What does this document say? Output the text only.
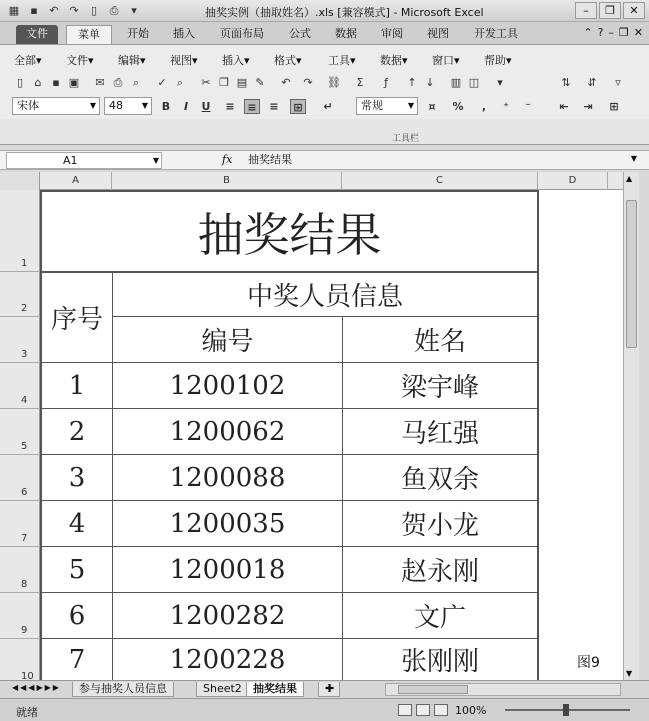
▦	▪	↶ ↷	▯	⎙	▾	抽奖实例（抽取姓名）.xls [兼容模式] - Microsoft Excel	–	❐	✕
文件	菜单	开始	插入	页面布局	公式	数据	审阅	视图	开发工具	⌃ ? – ❐ ✕
全部▾ 文件▾ 编辑▾ 视图▾ 插入▾ 格式▾ 工具▾ 数据▾ 窗口▾ 帮助▾
▯	⌂ ▪ ▣	✉ ⎙ ⌕	✓ ⌕	✂ ❐ ▤ ✎	↶	↷	⛓	Σ	ƒ	↑ ↓	▥ ◫	▾	⇅	⇵	▿
宋体	▼	48 ▼	B	I	U	≡	≡	≡	⊞	↵	常规	▼	¤	%	,	⁺	⁻	⇤	⇥	⊞
工具栏
A1	▼	fx	抽奖结果	▼
A	B	C	D
1
2
3
4
5
6
7
8
9
10
抽奖结果
序号
中奖人员信息
编号	姓名
1	1200102	梁宇峰
2	1200062	马红强
3	1200088	鱼双余
4	1200035	贺小龙
5	1200018	赵永刚
6	1200282	文广
7	1200228	张刚刚
▲
▼
图9
◀◀◀▶▶▶	参与抽奖人员信息	Sheet2	抽奖结果	✚
就绪	100%
